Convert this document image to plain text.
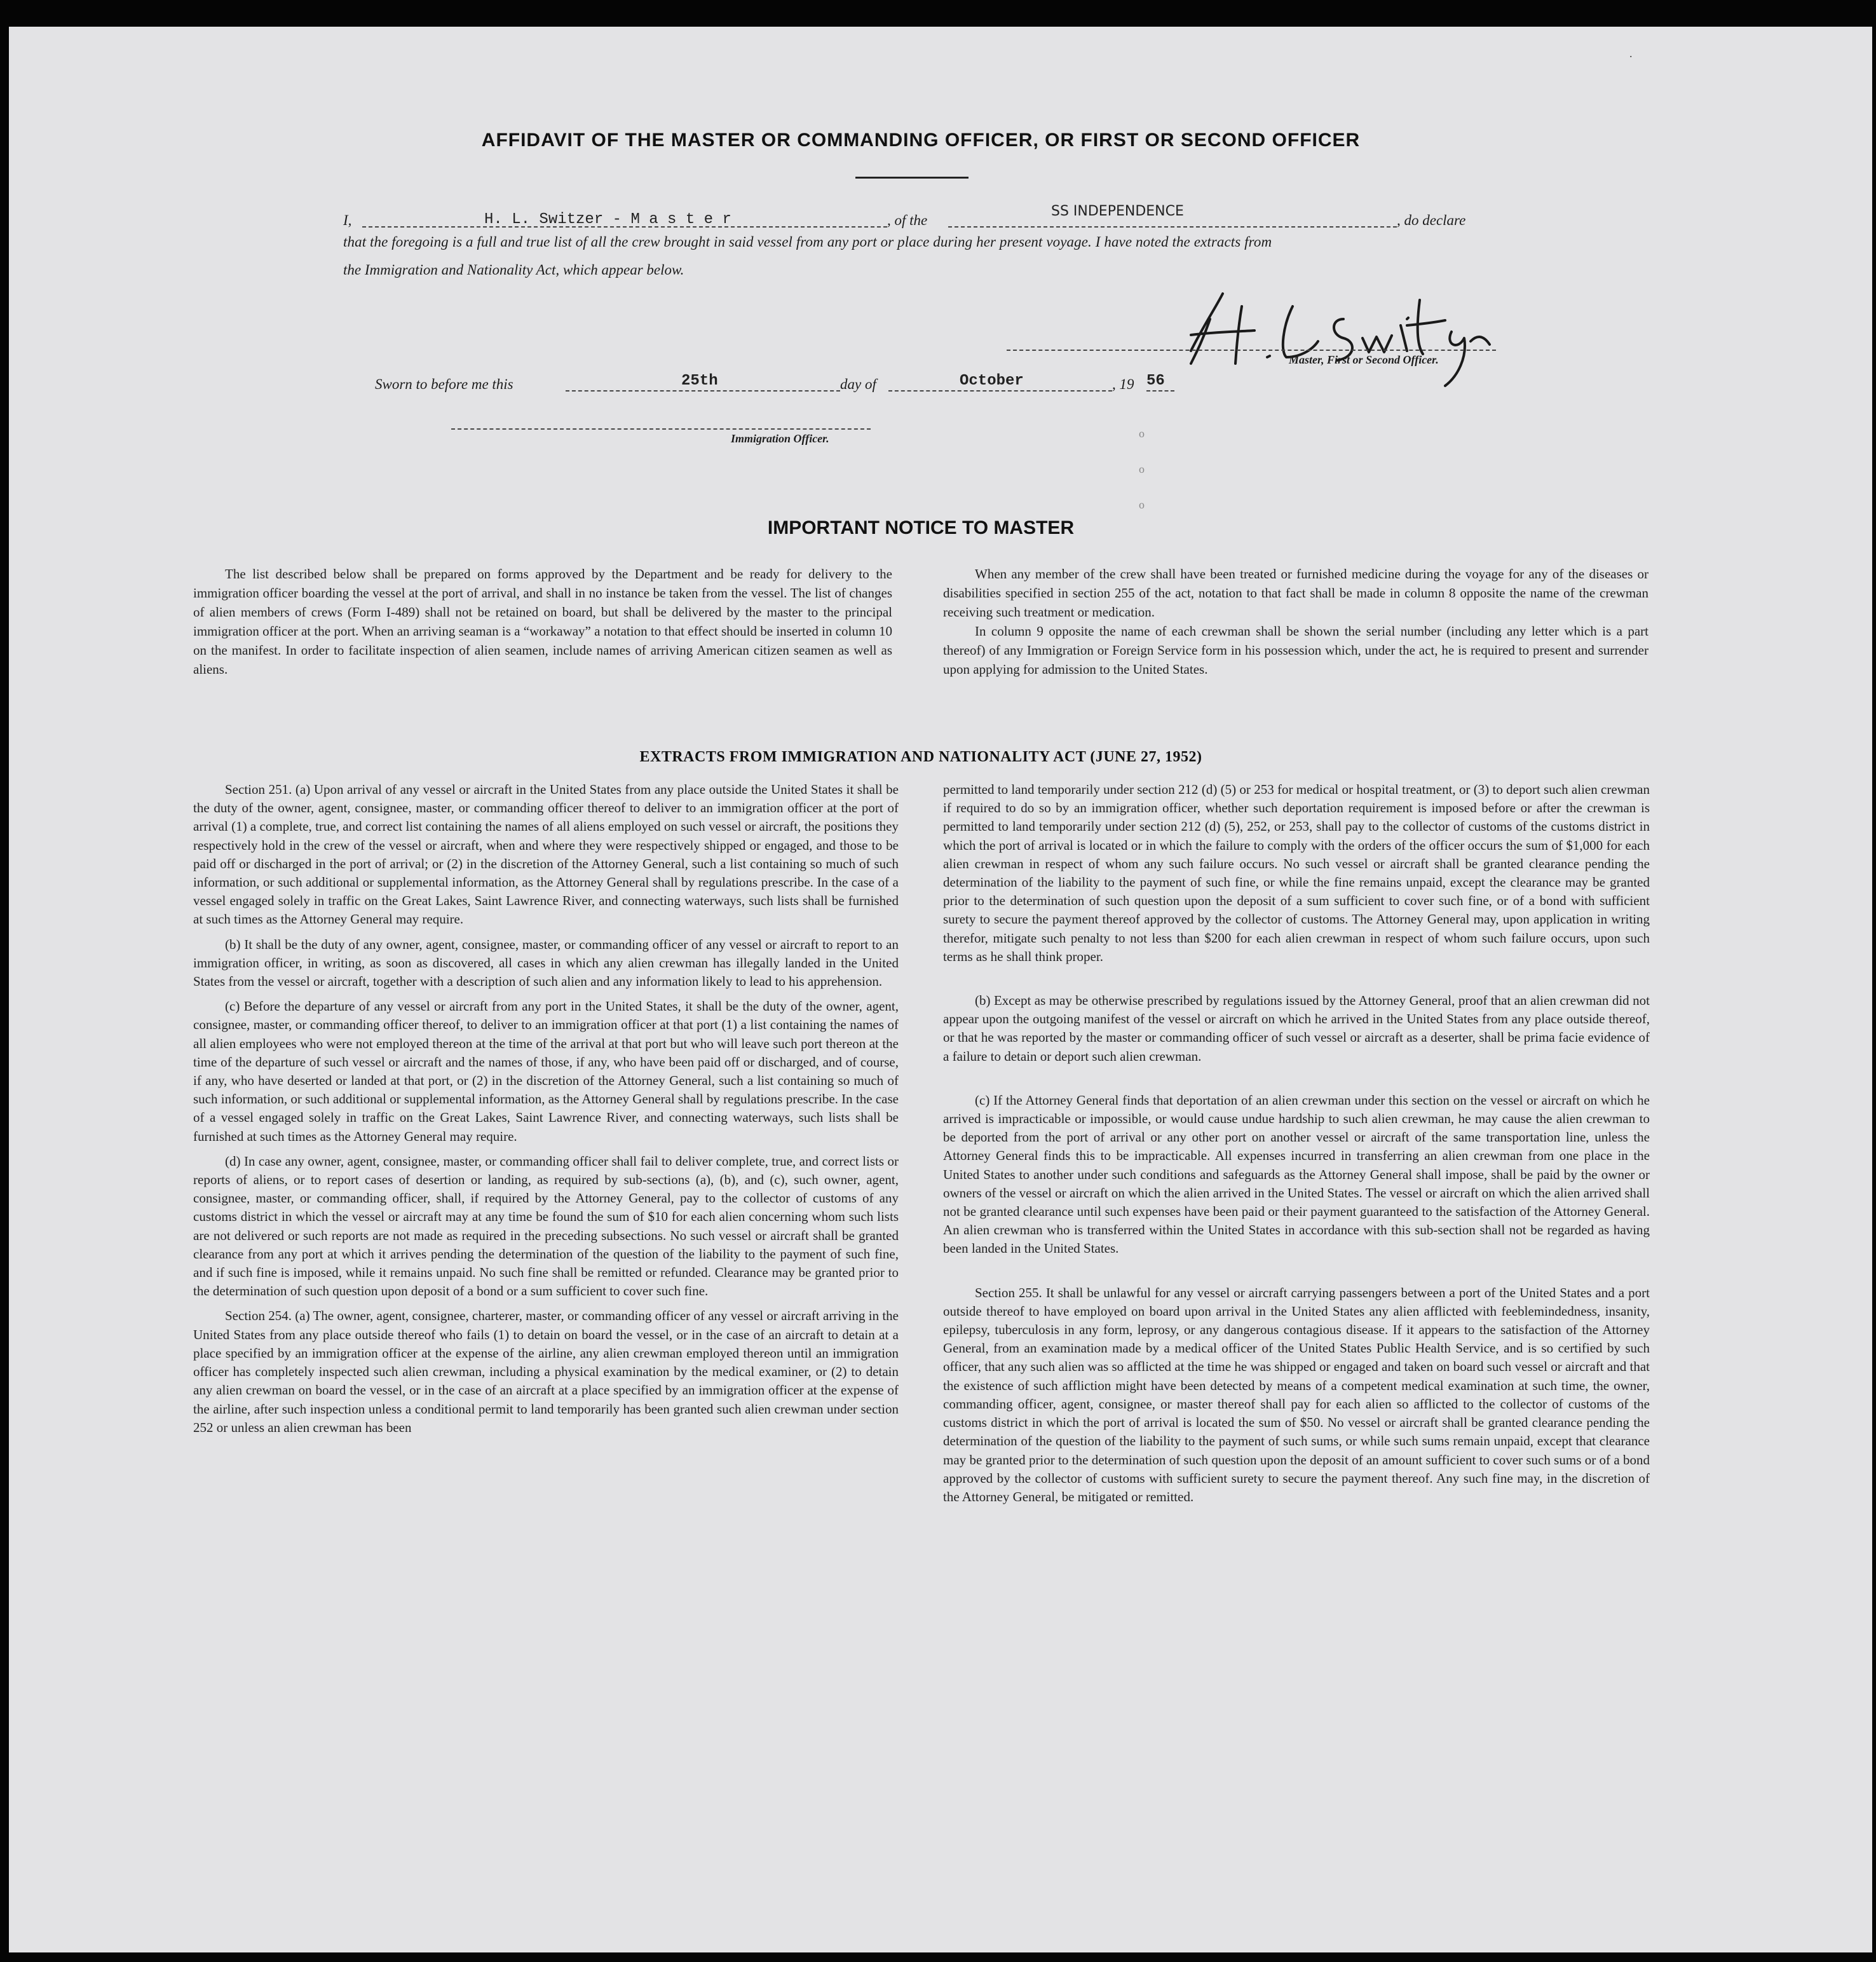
AFFIDAVIT OF THE MASTER OR COMMANDING OFFICER, OR FIRST OR SECOND OFFICER
I,	H. L. Switzer - M a s t e r	, of the
SS INDEPENDENCE
, do declare
that the foregoing is a full and true list of all the crew brought in said vessel from any port or place during her present voyage. I have noted the extracts from
the Immigration and Nationality Act, which appear below.
Master, First or Second Officer.
Sworn to before me this	25th	day of	October	, 19 56
Immigration Officer.
IMPORTANT NOTICE TO MASTER

The list described below shall be prepared on forms approved by the Department and be ready for delivery to the immigration officer boarding the vessel at the port of arrival, and shall in no instance be taken from the vessel. The list of changes of alien members of crews (Form I-489) shall not be retained on board, but shall be delivered by the master to the principal immigration officer at the port. When an arriving seaman is a “workaway” a notation to that effect should be inserted in column 10 on the manifest. In order to facilitate inspection of alien seamen, include names of arriving American citizen seamen as well as aliens.

When any member of the crew shall have been treated or furnished medicine during the voyage for any of the diseases or disabilities specified in section 255 of the act, notation to that fact shall be made in column 8 opposite the name of the crewman receiving such treatment or medication.

In column 9 opposite the name of each crewman shall be shown the serial number (including any letter which is a part thereof) of any Immigration or Foreign Service form in his possession which, under the act, he is required to present and surrender upon applying for admission to the United States.

EXTRACTS FROM IMMIGRATION AND NATIONALITY ACT (JUNE 27, 1952)

Section 251. (a) Upon arrival of any vessel or aircraft in the United States from any place outside the United States it shall be the duty of the owner, agent, consignee, master, or commanding officer thereof to deliver to an immigration officer at the port of arrival (1) a complete, true, and correct list containing the names of all aliens employed on such vessel or aircraft, the positions they respectively hold in the crew of the vessel or aircraft, when and where they were respectively shipped or engaged, and those to be paid off or discharged in the port of arrival; or (2) in the discretion of the Attorney General, such a list containing so much of such information, or such additional or supplemental information, as the Attorney General shall by regulations prescribe. In the case of a vessel engaged solely in traffic on the Great Lakes, Saint Lawrence River, and connecting waterways, such lists shall be furnished at such times as the Attorney General may require.

(b) It shall be the duty of any owner, agent, consignee, master, or commanding officer of any vessel or aircraft to report to an immigration officer, in writing, as soon as discovered, all cases in which any alien crewman has illegally landed in the United States from the vessel or aircraft, together with a description of such alien and any information likely to lead to his apprehension.

(c) Before the departure of any vessel or aircraft from any port in the United States, it shall be the duty of the owner, agent, consignee, master, or commanding officer thereof, to deliver to an immigration officer at that port (1) a list containing the names of all alien employees who were not employed thereon at the time of the arrival at that port but who will leave such port thereon at the time of the departure of such vessel or aircraft and the names of those, if any, who have been paid off or discharged, and of course, if any, who have deserted or landed at that port, or (2) in the discretion of the Attorney General, such a list containing so much of such information, or such additional or supplemental information, as the Attorney General shall by regulations prescribe. In the case of a vessel engaged solely in traffic on the Great Lakes, Saint Lawrence River, and connecting waterways, such lists shall be furnished at such times as the Attorney General may require.

(d) In case any owner, agent, consignee, master, or commanding officer shall fail to deliver complete, true, and correct lists or reports of aliens, or to report cases of desertion or landing, as required by sub-sections (a), (b), and (c), such owner, agent, consignee, master, or commanding officer, shall, if required by the Attorney General, pay to the collector of customs of any customs district in which the vessel or aircraft may at any time be found the sum of $10 for each alien concerning whom such lists are not delivered or such reports are not made as required in the preceding subsections. No such vessel or aircraft shall be granted clearance from any port at which it arrives pending the determination of the question of the liability to the payment of such fine, and if such fine is imposed, while it remains unpaid. No such fine shall be remitted or refunded. Clearance may be granted prior to the determination of such question upon deposit of a bond or a sum sufficient to cover such fine.

Section 254. (a) The owner, agent, consignee, charterer, master, or commanding officer of any vessel or aircraft arriving in the United States from any place outside thereof who fails (1) to detain on board the vessel, or in the case of an aircraft to detain at a place specified by an immigration officer at the expense of the airline, any alien crewman employed thereon until an immigration officer has completely inspected such alien crewman, including a physical examination by the medical examiner, or (2) to detain any alien crewman on board the vessel, or in the case of an aircraft at a place specified by an immigration officer at the expense of the airline, after such inspection unless a conditional permit to land temporarily has been granted such alien crewman under section 252 or unless an alien crewman has been

permitted to land temporarily under section 212 (d) (5) or 253 for medical or hospital treatment, or (3) to deport such alien crewman if required to do so by an immigration officer, whether such deportation requirement is imposed before or after the crewman is permitted to land temporarily under section 212 (d) (5), 252, or 253, shall pay to the collector of customs of the customs district in which the port of arrival is located or in which the failure to comply with the orders of the officer occurs the sum of $1,000 for each alien crewman in respect of whom any such failure occurs. No such vessel or aircraft shall be granted clearance pending the determination of the liability to the payment of such fine, or while the fine remains unpaid, except the clearance may be granted prior to the determination of such question upon the deposit of a sum sufficient to cover such fine, or of a bond with sufficient surety to secure the payment thereof approved by the collector of customs. The Attorney General may, upon application in writing therefor, mitigate such penalty to not less than $200 for each alien crewman in respect of whom such failure occurs, upon such terms as he shall think proper.

(b) Except as may be otherwise prescribed by regulations issued by the Attorney General, proof that an alien crewman did not appear upon the outgoing manifest of the vessel or aircraft on which he arrived in the United States from any place outside thereof, or that he was reported by the master or commanding officer of such vessel or aircraft as a deserter, shall be prima facie evidence of a failure to detain or deport such alien crewman.

(c) If the Attorney General finds that deportation of an alien crewman under this section on the vessel or aircraft on which he arrived is impracticable or impossible, or would cause undue hardship to such alien crewman, he may cause the alien crewman to be deported from the port of arrival or any other port on another vessel or aircraft of the same transportation line, unless the Attorney General finds this to be impracticable. All expenses incurred in transferring an alien crewman from one place in the United States to another under such conditions and safeguards as the Attorney General shall impose, shall be paid by the owner or owners of the vessel or aircraft on which the alien arrived in the United States. The vessel or aircraft on which the alien arrived shall not be granted clearance until such expenses have been paid or their payment guaranteed to the satisfaction of the Attorney General. An alien crewman who is transferred within the United States in accordance with this sub-section shall not be regarded as having been landed in the United States.

Section 255. It shall be unlawful for any vessel or aircraft carrying passengers between a port of the United States and a port outside thereof to have employed on board upon arrival in the United States any alien afflicted with feeblemindedness, insanity, epilepsy, tuberculosis in any form, leprosy, or any dangerous contagious disease. If it appears to the satisfaction of the Attorney General, from an examination made by a medical officer of the United States Public Health Service, and is so certified by such officer, that any such alien was so afflicted at the time he was shipped or engaged and taken on board such vessel or aircraft and that the existence of such affliction might have been detected by means of a competent medical examination at such time, the owner, commanding officer, agent, consignee, or master thereof shall pay for each alien so afflicted to the collector of customs of the customs district in which the port of arrival is located the sum of $50. No vessel or aircraft shall be granted clearance pending the determination of the question of the liability to the payment of such sums, or while such sums remain unpaid, except that clearance may be granted prior to the determination of such question upon the deposit of an amount sufficient to cover such sums or of a bond approved by the collector of customs with sufficient surety to secure the payment thereof. Any such fine may, in the discretion of the Attorney General, be mitigated or remitted.

o
o
o
.
